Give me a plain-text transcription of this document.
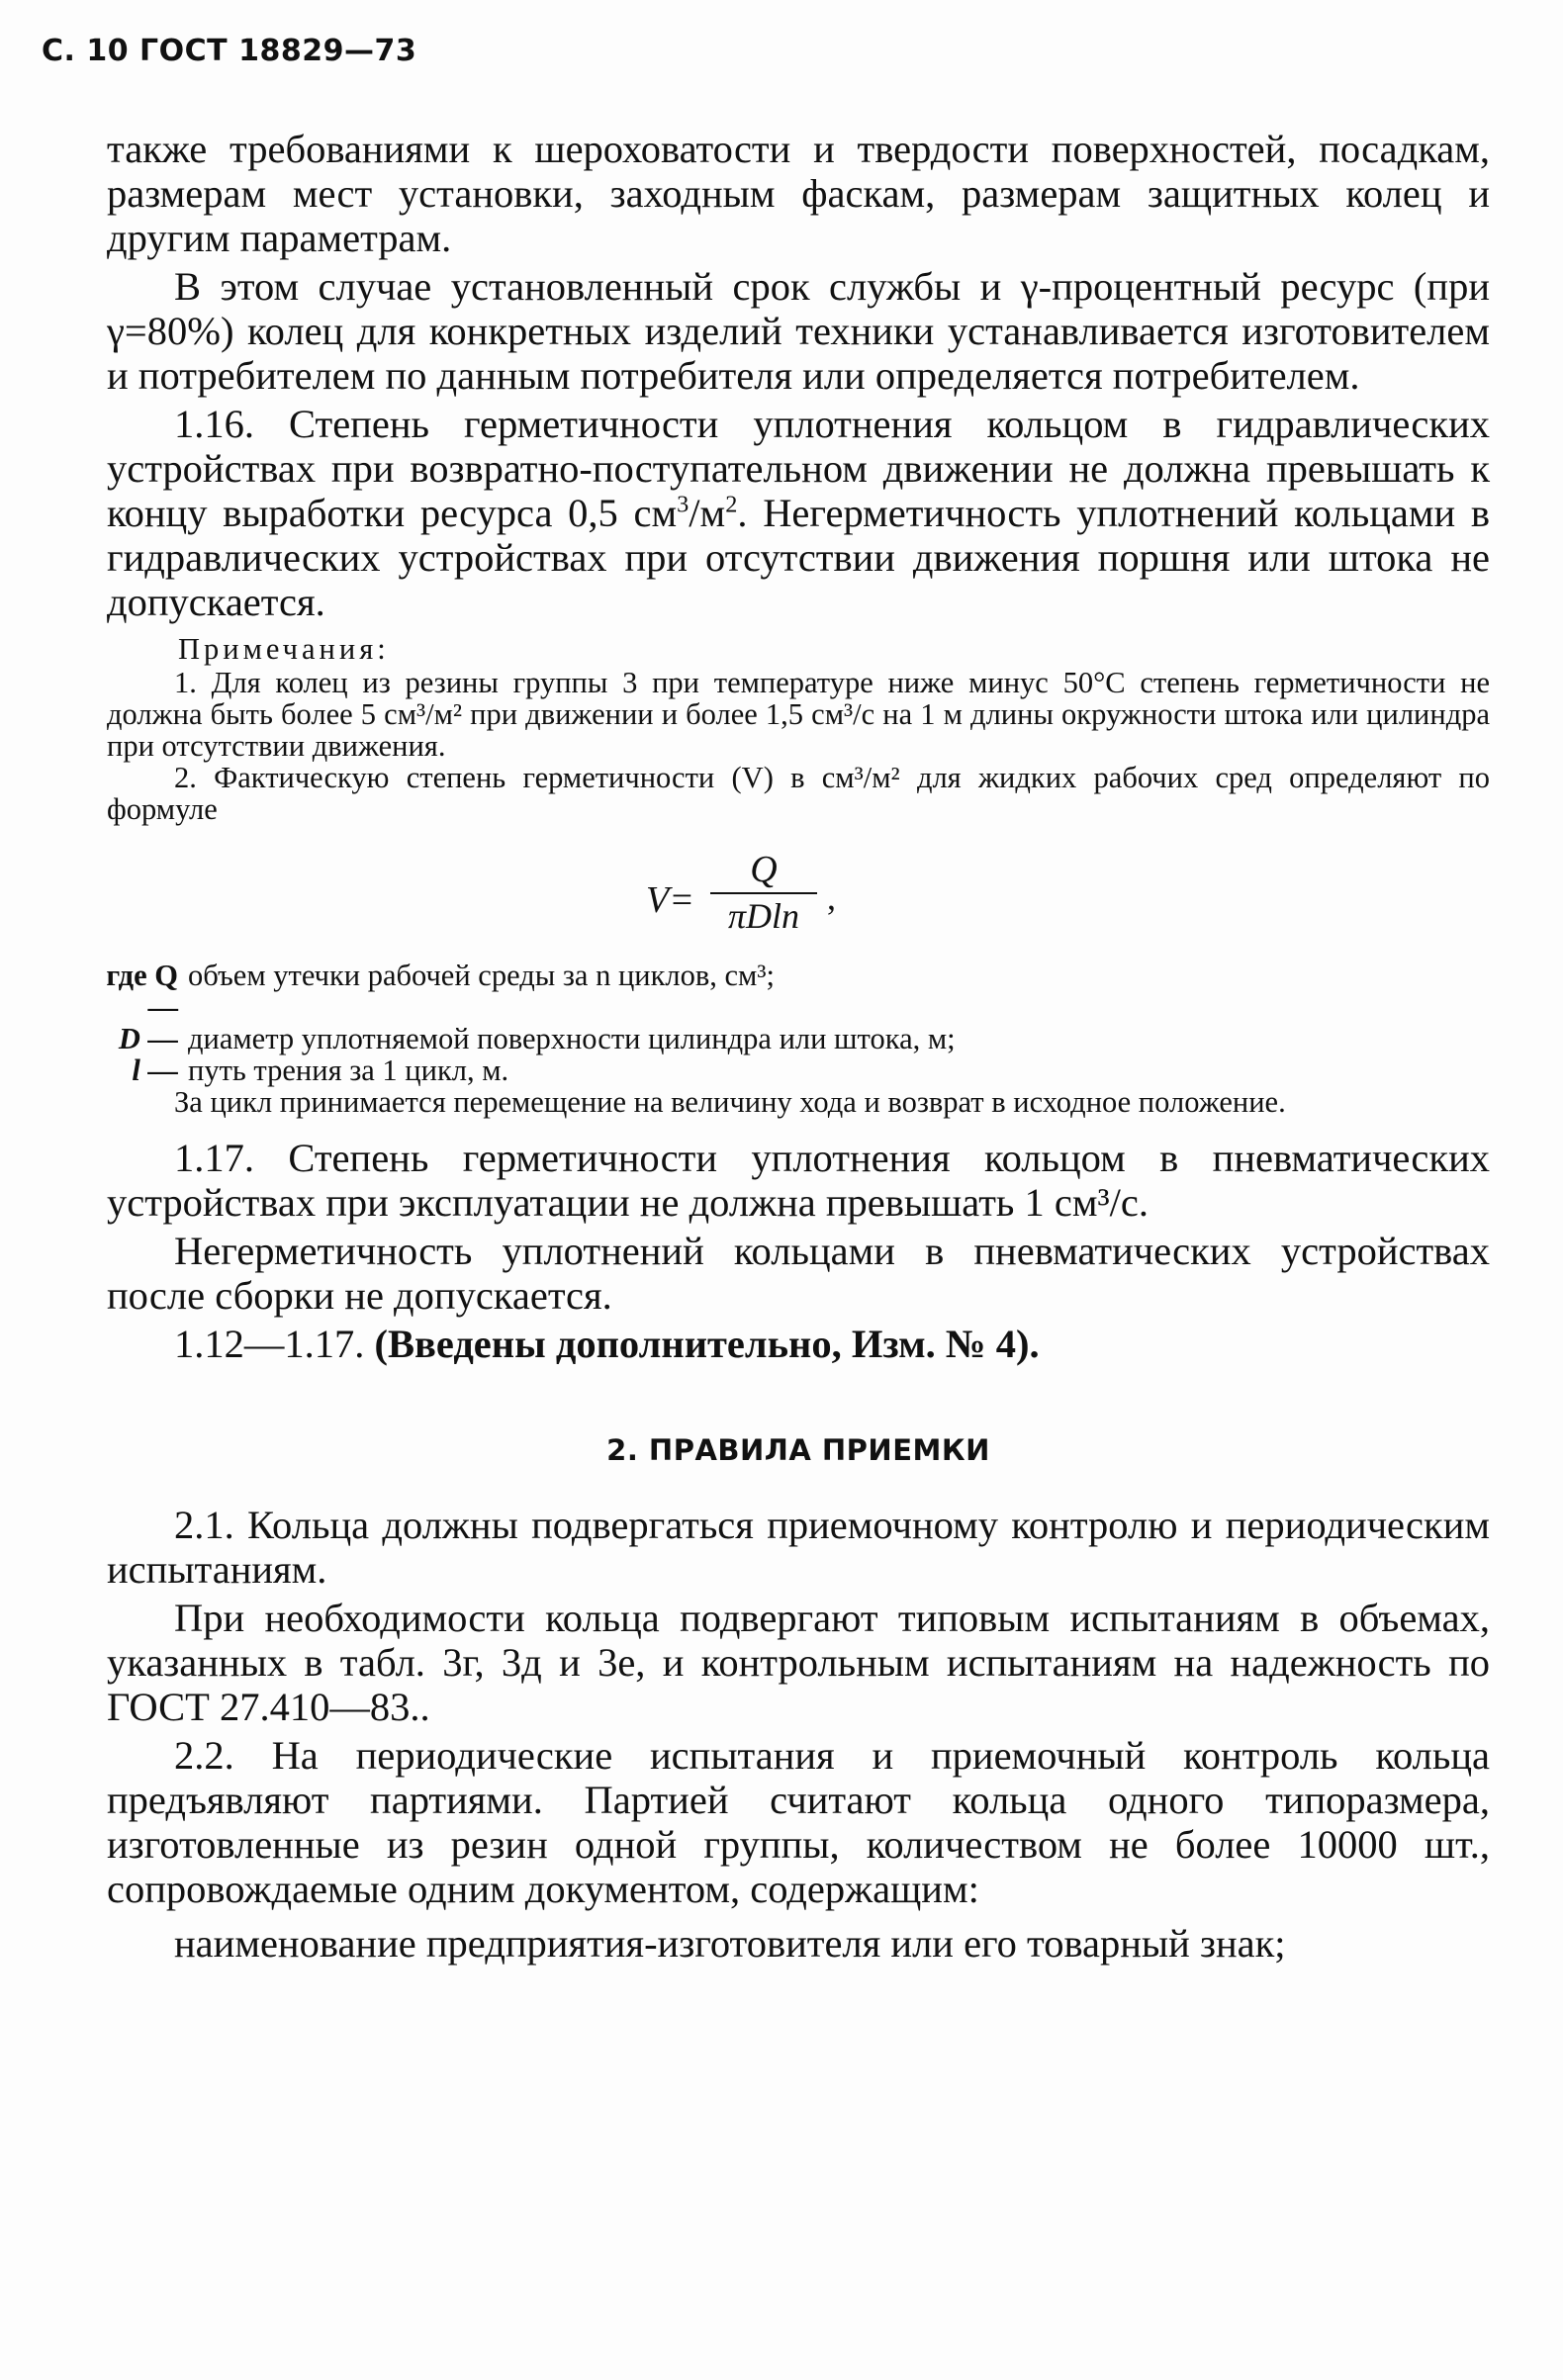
С. 10 ГОСТ 18829—73

также требованиями к шероховатости и твердости поверхностей, посадкам, размерам мест установки, заходным фаскам, размерам защитных колец и другим параметрам.

В этом случае установленный срок службы и γ-процентный ресурс (при γ=80%) колец для конкретных изделий техники устанавливается изготовителем и потребителем по данным потребителя или определяется потребителем.

1.16. Степень герметичности уплотнения кольцом в гидравлических устройствах при возвратно-поступательном движении не должна превышать к концу выработки ресурса 0,5 $см^3/м^2$. Негерметичность уплотнений кольцами в гидравлических устройствах при отсутствии движения поршня или штока не допускается.

Примечания:

1. Для колец из резины группы 3 при температуре ниже минус 50°С степень герметичности не должна быть более 5 см³/м² при движении и более 1,5 см³/с на 1 м длины окружности штока или цилиндра при отсутствии движения.

2. Фактическую степень герметичности (V) в см³/м² для жидких рабочих сред определяют по формуле

V=
Q
πDln ,
где Q —
объем утечки рабочей среды за n циклов, см³;
D — диаметр уплотняемой поверхности цилиндра или штока, м;
l — путь трения за 1 цикл, м.

За цикл принимается перемещение на величину хода и возврат в исходное положение.

1.17. Степень герметичности уплотнения кольцом в пневматических устройствах при эксплуатации не должна превышать 1 см³/с.

Негерметичность уплотнений кольцами в пневматических устройствах после сборки не допускается.

1.12—1.17. (Введены дополнительно, Изм. № 4).

2. ПРАВИЛА ПРИЕМКИ

2.1. Кольца должны подвергаться приемочному контролю и периодическим испытаниям.

При необходимости кольца подвергают типовым испытаниям в объемах, указанных в табл. 3г, 3д и 3е, и контрольным испытаниям на надежность по ГОСТ 27.410—83..

2.2. На периодические испытания и приемочный контроль кольца предъявляют партиями. Партией считают кольца одного типоразмера, изготовленные из резин одной группы, количеством не более 10000 шт., сопровождаемые одним документом, содержащим:

наименование предприятия-изготовителя или его товарный знак;
